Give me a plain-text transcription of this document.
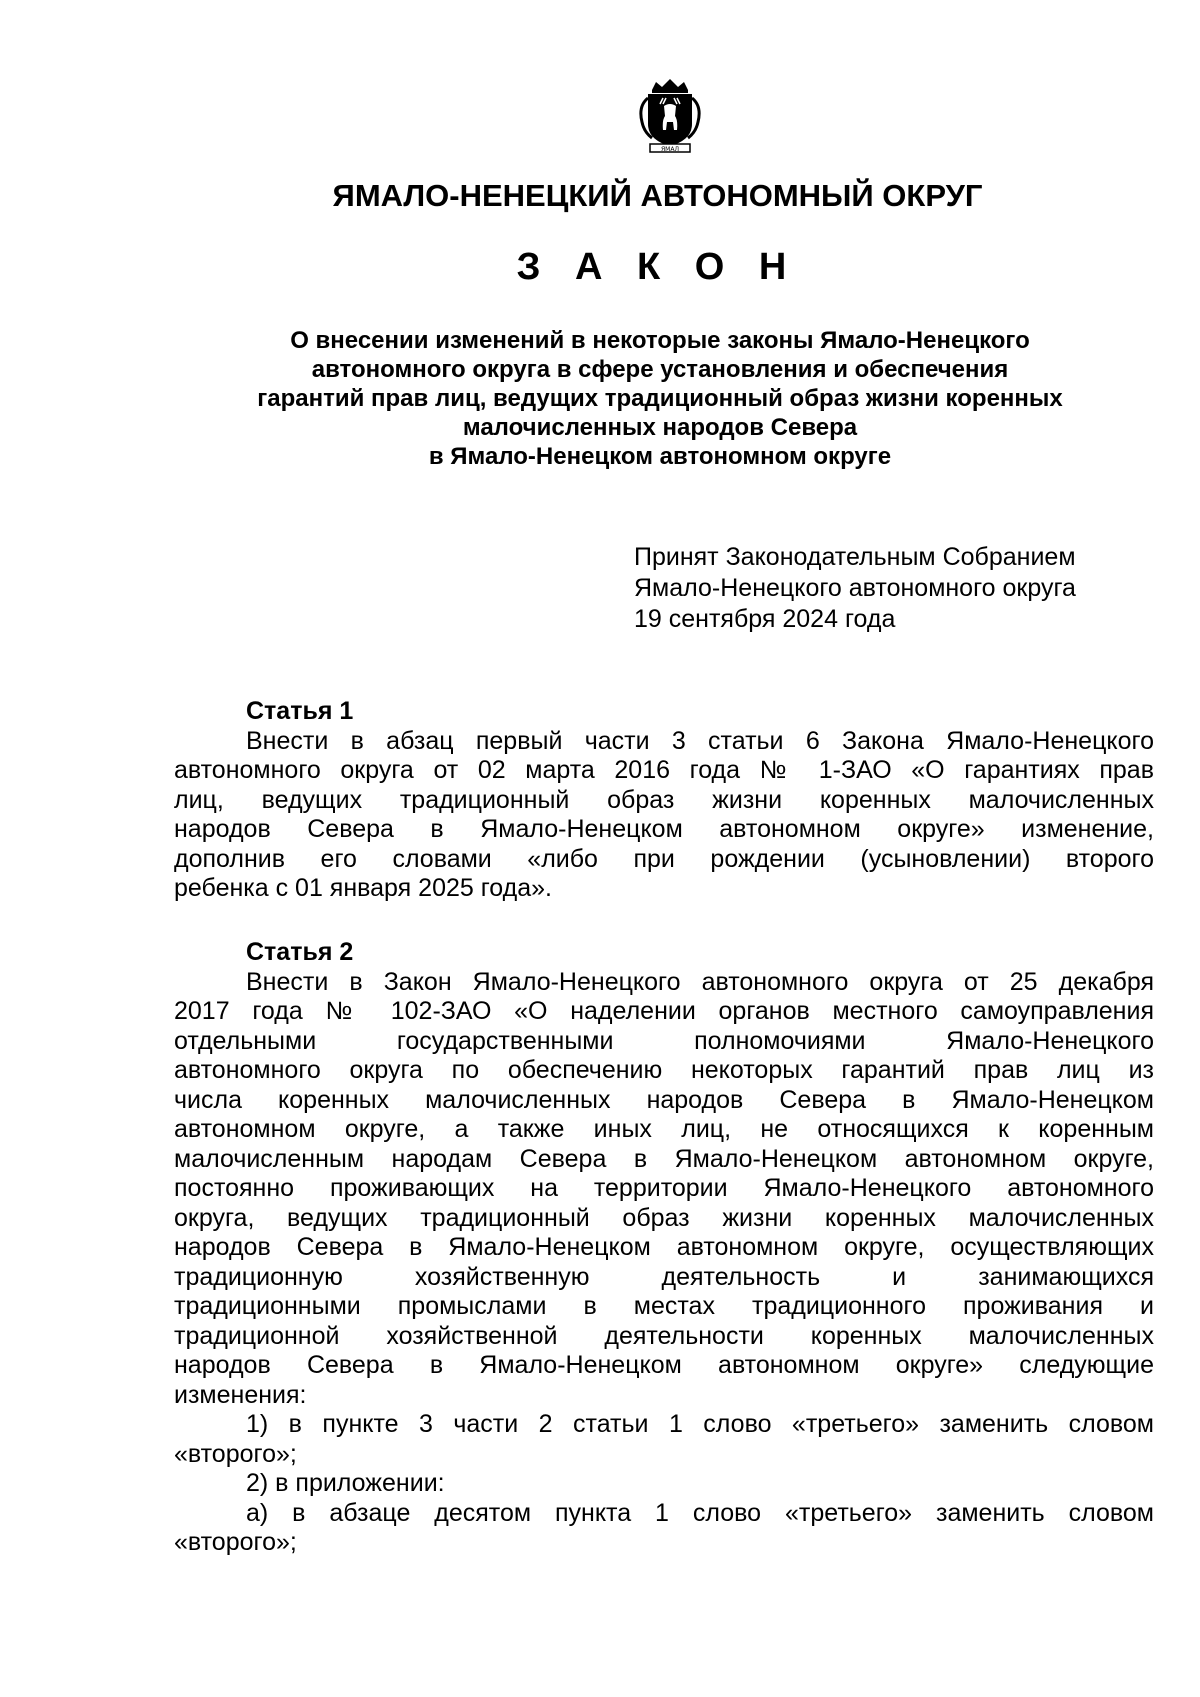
ЯМАЛ
ЯМАЛО-НЕНЕЦКИЙ АВТОНОМНЫЙ ОКРУГ
З А К О Н
О внесении изменений в некоторые законы Ямало-Ненецкого
автономного округа в сфере установления и обеспечения
гарантий прав лиц, ведущих традиционный образ жизни коренных
малочисленных народов Севера
в Ямало-Ненецком автономном округе
Принят Законодательным Собранием
Ямало-Ненецкого автономного округа
19 сентября 2024 года
Статья 1
Внести в абзац первый части 3 статьи 6 Закона Ямало-Ненецкого
автономного округа от 02 марта 2016 года № 1-ЗАО «О гарантиях прав
лиц, ведущих традиционный образ жизни коренных малочисленных
народов Севера в Ямало-Ненецком автономном округе» изменение,
дополнив его словами «либо при рождении (усыновлении) второго
ребенка с 01 января 2025 года».
Статья 2
Внести в Закон Ямало-Ненецкого автономного округа от 25 декабря
2017 года № 102-ЗАО «О наделении органов местного самоуправления
отдельными государственными полномочиями Ямало-Ненецкого
автономного округа по обеспечению некоторых гарантий прав лиц из
числа коренных малочисленных народов Севера в Ямало-Ненецком
автономном округе, а также иных лиц, не относящихся к коренным
малочисленным народам Севера в Ямало-Ненецком автономном округе,
постоянно проживающих на территории Ямало-Ненецкого автономного
округа, ведущих традиционный образ жизни коренных малочисленных
народов Севера в Ямало-Ненецком автономном округе, осуществляющих
традиционную хозяйственную деятельность и занимающихся
традиционными промыслами в местах традиционного проживания и
традиционной хозяйственной деятельности коренных малочисленных
народов Севера в Ямало-Ненецком автономном округе» следующие
изменения:
1) в пункте 3 части 2 статьи 1 слово «третьего» заменить словом
«второго»;
2) в приложении:
а) в абзаце десятом пункта 1 слово «третьего» заменить словом
«второго»;
